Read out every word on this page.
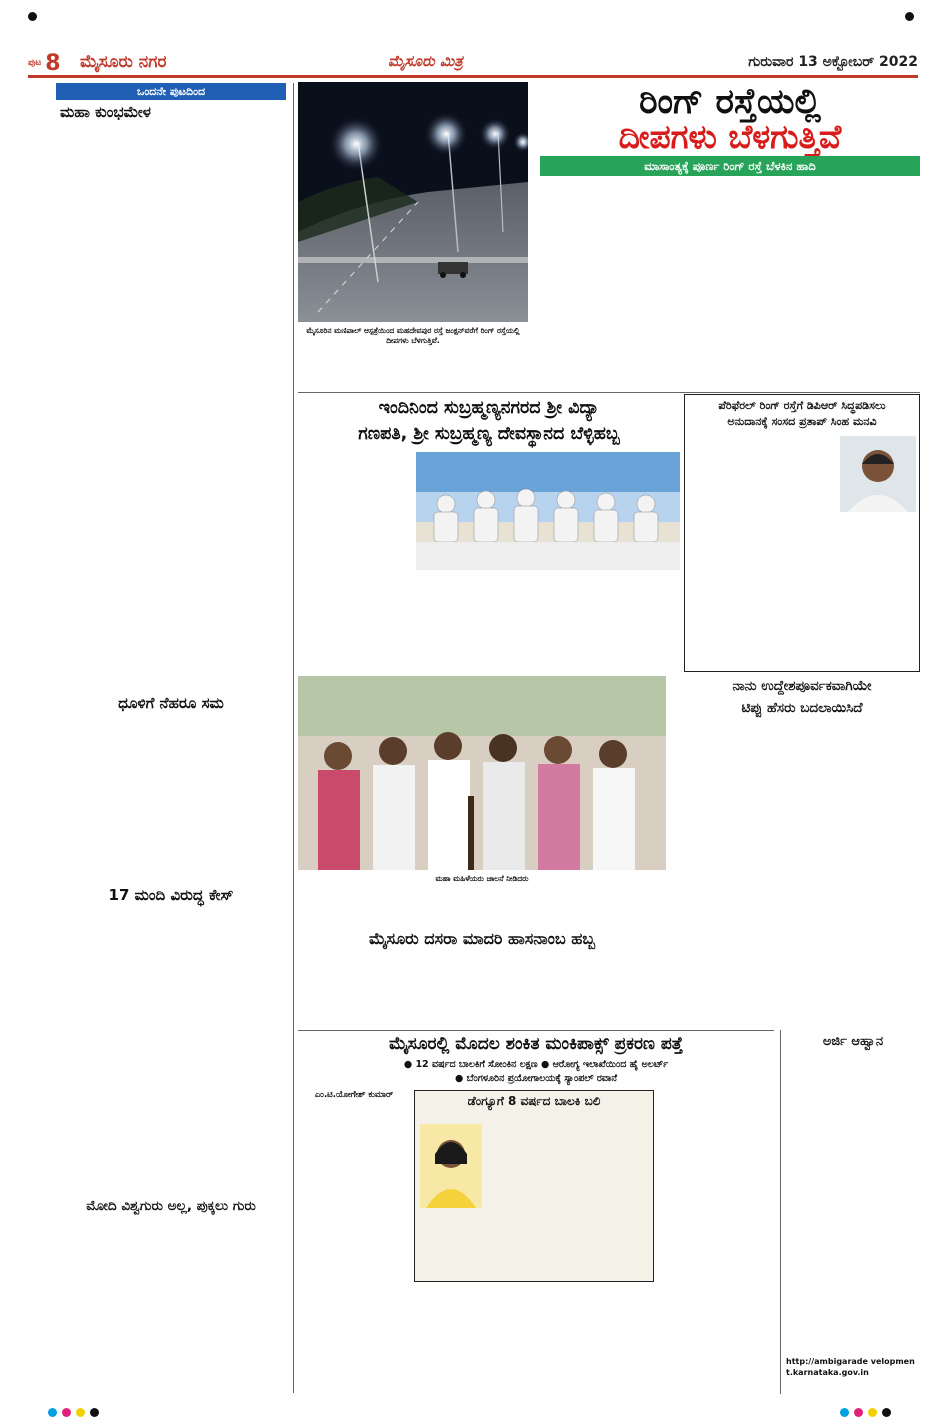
ಪುಟ 8 ಮೈಸೂರು ನಗರ	ಮೈಸೂರು ಮಿತ್ರ	ಗುರುವಾರ 13 ಅಕ್ಟೋಬರ್ 2022
ಒಂದನೇ ಪುಟದಿಂದ
ಮಹಾ ಕುಂಭಮೇಳ
ಧೂಳಿಗೆ ನೆಹರೂ ಸಮ
17 ಮಂದಿ ವಿರುದ್ಧ ಕೇಸ್
ಮೋದಿ ವಿಶ್ವಗುರು ಅಲ್ಲ, ಪುಕ್ಕಲು ಗುರು
ಮೈಸೂರಿನ ಮಣಿಪಾಲ್ ಆಸ್ಪತ್ರೆಯಿಂದ ಮಹದೇವಪುರ ರಸ್ತೆ ಜಂಕ್ಷನ್‌ವರೆಗೆ ರಿಂಗ್ ರಸ್ತೆಯಲ್ಲಿ ದೀಪಗಳು ಬೆಳಗುತ್ತಿವೆ.
ರಿಂಗ್ ರಸ್ತೆಯಲ್ಲಿ
ದೀಪಗಳು ಬೆಳಗುತ್ತಿವೆ
ಮಾಸಾಂತ್ಯಕ್ಕೆ ಪೂರ್ಣ ರಿಂಗ್ ರಸ್ತೆ ಬೆಳಕಿನ ಹಾದಿ
ಇಂದಿನಿಂದ ಸುಬ್ರಹ್ಮಣ್ಯನಗರದ ಶ್ರೀ ವಿದ್ಯಾ
ಗಣಪತಿ, ಶ್ರೀ ಸುಬ್ರಹ್ಮಣ್ಯ ದೇವಸ್ಥಾನದ ಬೆಳ್ಳಿಹಬ್ಬ
ಮಹಾ ಮಹಿಳೆಯರು ಚಾಲನೆ ನೀಡಿದರು
ಮೈಸೂರು ದಸರಾ ಮಾದರಿ ಹಾಸನಾಂಬ ಹಬ್ಬ
ಪೆರಿಫೆರಲ್ ರಿಂಗ್ ರಸ್ತೆಗೆ ಡಿಪಿಆರ್ ಸಿದ್ಧಪಡಿಸಲು
ಅನುದಾನಕ್ಕೆ ಸಂಸದ ಪ್ರತಾಪ್ ಸಿಂಹ ಮನವಿ
ನಾನು ಉದ್ದೇಶಪೂರ್ವಕವಾಗಿಯೇ
ಟಿಪ್ಪು ಹೆಸರು ಬದಲಾಯಿಸಿದೆ
ಮೈಸೂರಲ್ಲಿ ಮೊದಲ ಶಂಕಿತ ಮಂಕಿಪಾಕ್ಸ್ ಪ್ರಕರಣ ಪತ್ತೆ
● 12 ವರ್ಷದ ಬಾಲಕಿಗೆ ಸೋಂಕಿನ ಲಕ್ಷಣ ● ಆರೋಗ್ಯ ಇಲಾಖೆಯಿಂದ ಹೈ ಅಲರ್ಟ್
● ಬೆಂಗಳೂರಿನ ಪ್ರಯೋಗಾಲಯಕ್ಕೆ ಸ್ಯಾಂಪಲ್ ರವಾನೆ
ಎಂ.ಟಿ.ಯೋಗೇಶ್ ಕುಮಾರ್	ಡೆಂಗ್ಯೂಗೆ 8 ವರ್ಷದ ಬಾಲಕಿ ಬಲಿ
ಅರ್ಜಿ ಆಹ್ವಾನ
http://ambigarade velopment.karnataka.gov.in
